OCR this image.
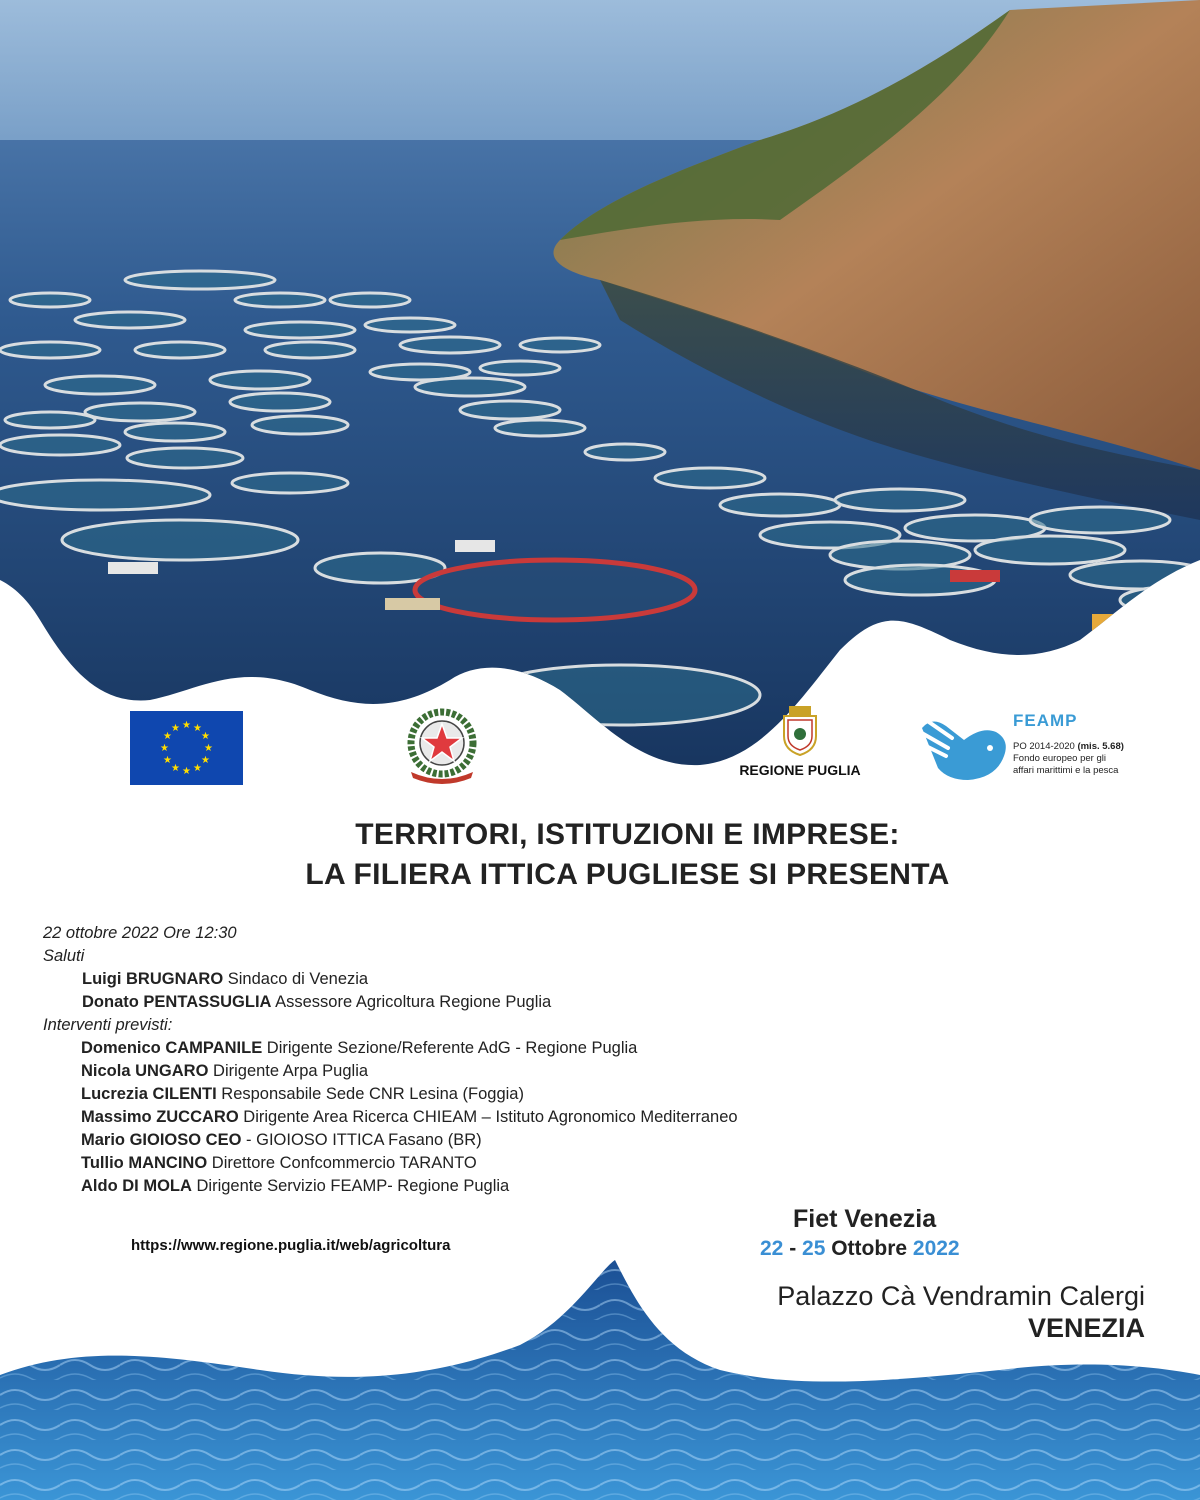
★ ★
★
★
★
★
★
★
★
★
★
★
REGIONE PUGLIA
FEAMP
PO 2014-2020 (mis. 5.68)
Fondo europeo per gli
affari marittimi e la pesca
TERRITORI, ISTITUZIONI E IMPRESE:
LA FILIERA ITTICA PUGLIESE SI PRESENTA
22 ottobre 2022 Ore 12:30
Saluti
Luigi BRUGNARO Sindaco di Venezia
Donato PENTASSUGLIA Assessore Agricoltura Regione Puglia
Interventi previsti:
Domenico CAMPANILE Dirigente Sezione/Referente AdG - Regione Puglia
Nicola UNGARO Dirigente Arpa Puglia
Lucrezia CILENTI Responsabile Sede CNR Lesina (Foggia)
Massimo ZUCCARO Dirigente Area Ricerca CHIEAM – Istituto Agronomico Mediterraneo
Mario GIOIOSO CEO - GIOIOSO ITTICA Fasano (BR)
Tullio MANCINO Direttore Confcommercio TARANTO
Aldo DI MOLA Dirigente Servizio FEAMP- Regione Puglia
https://www.regione.puglia.it/web/agricoltura
Fiet Venezia
22 - 25 Ottobre 2022
Palazzo Cà Vendramin Calergi
VENEZIA
